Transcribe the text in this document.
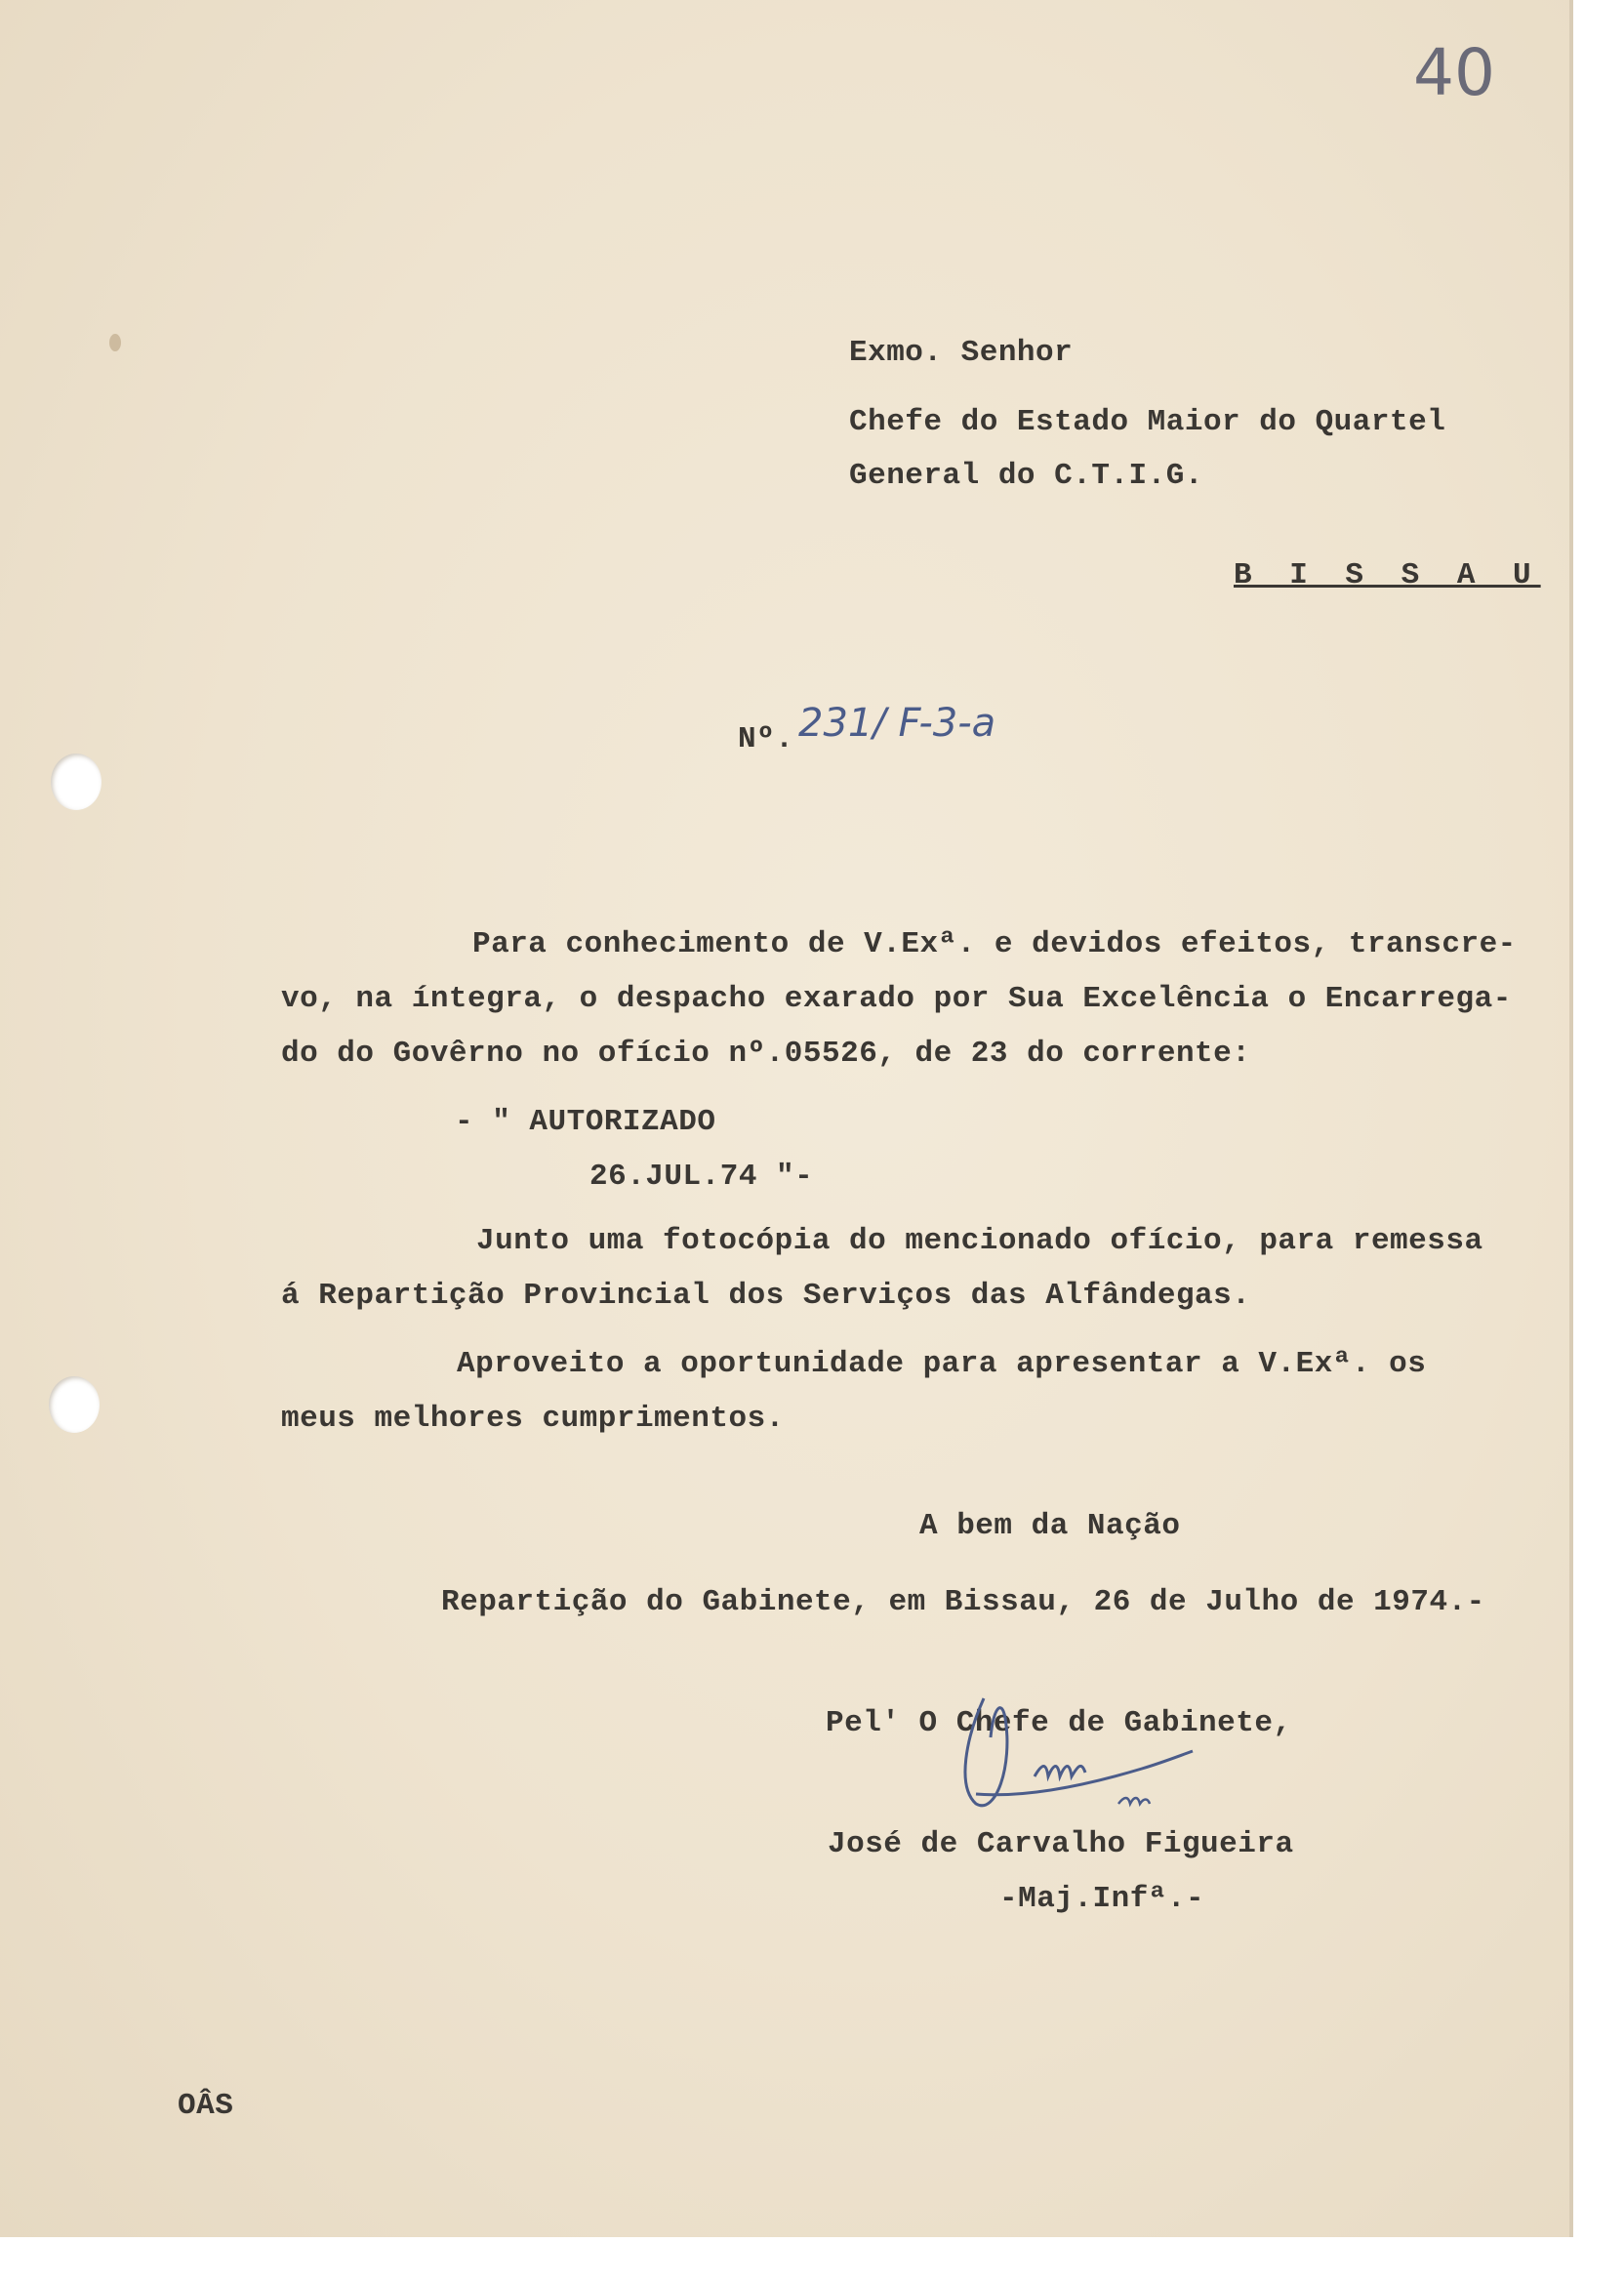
40
Exmo. Senhor
Chefe do Estado Maior do Quartel
General do C.T.I.G.
B I S S A U
Nº. 231/ F-3-a
Para conhecimento de V.Exª. e devidos efeitos, transcre-
vo, na íntegra, o despacho exarado por Sua Excelência o Encarrega-
do do Govêrno no ofício nº.05526, de 23 do corrente:
- " AUTORIZADO
26.JUL.74 "-
Junto uma fotocópia do mencionado ofício, para remessa
á Repartição Provincial dos Serviços das Alfândegas.
Aproveito a oportunidade para apresentar a V.Exª. os
meus melhores cumprimentos.
A bem da Nação
Repartição do Gabinete, em Bissau, 26 de Julho de 1974.-
Pel' O Chefe de Gabinete,
José de Carvalho Figueira
-Maj.Infª.-
OÂS
